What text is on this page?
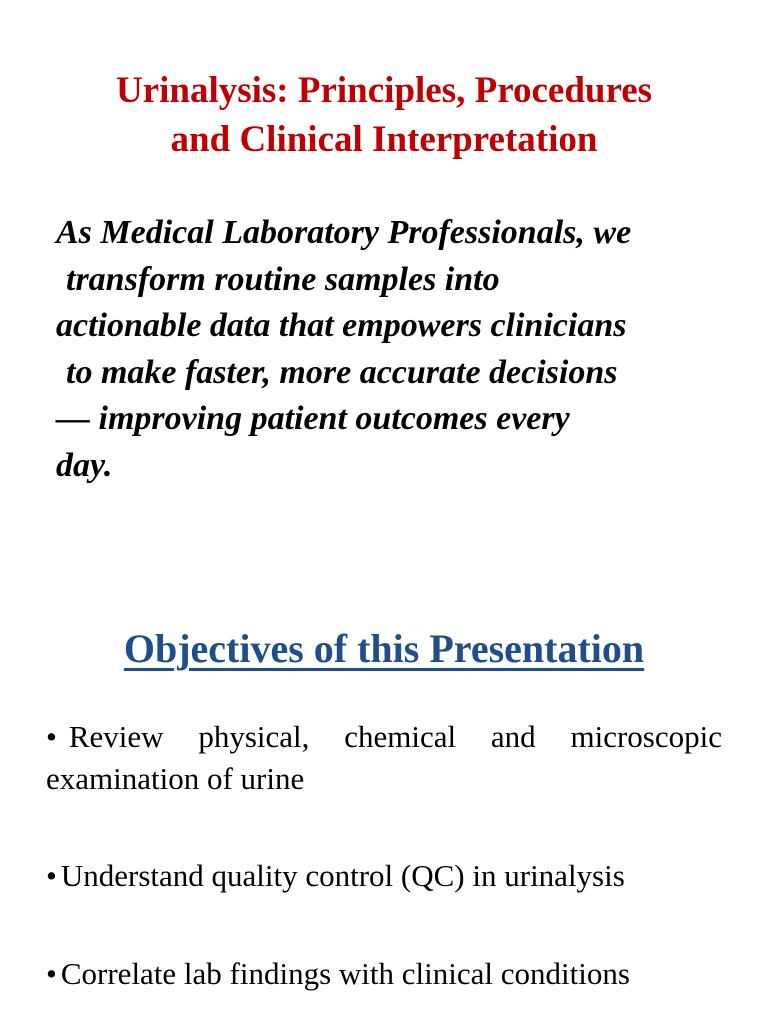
Urinalysis: Principles, Procedures
and Clinical Interpretation

As Medical Laboratory Professionals, we
transform routine samples into
actionable data that empowers clinicians
to make faster, more accurate decisions
— improving patient outcomes every
day.

Objectives of this Presentation
• Review physical, chemical and microscopic examination of urine
• Understand quality control (QC) in urinalysis
• Correlate lab findings with clinical conditions
